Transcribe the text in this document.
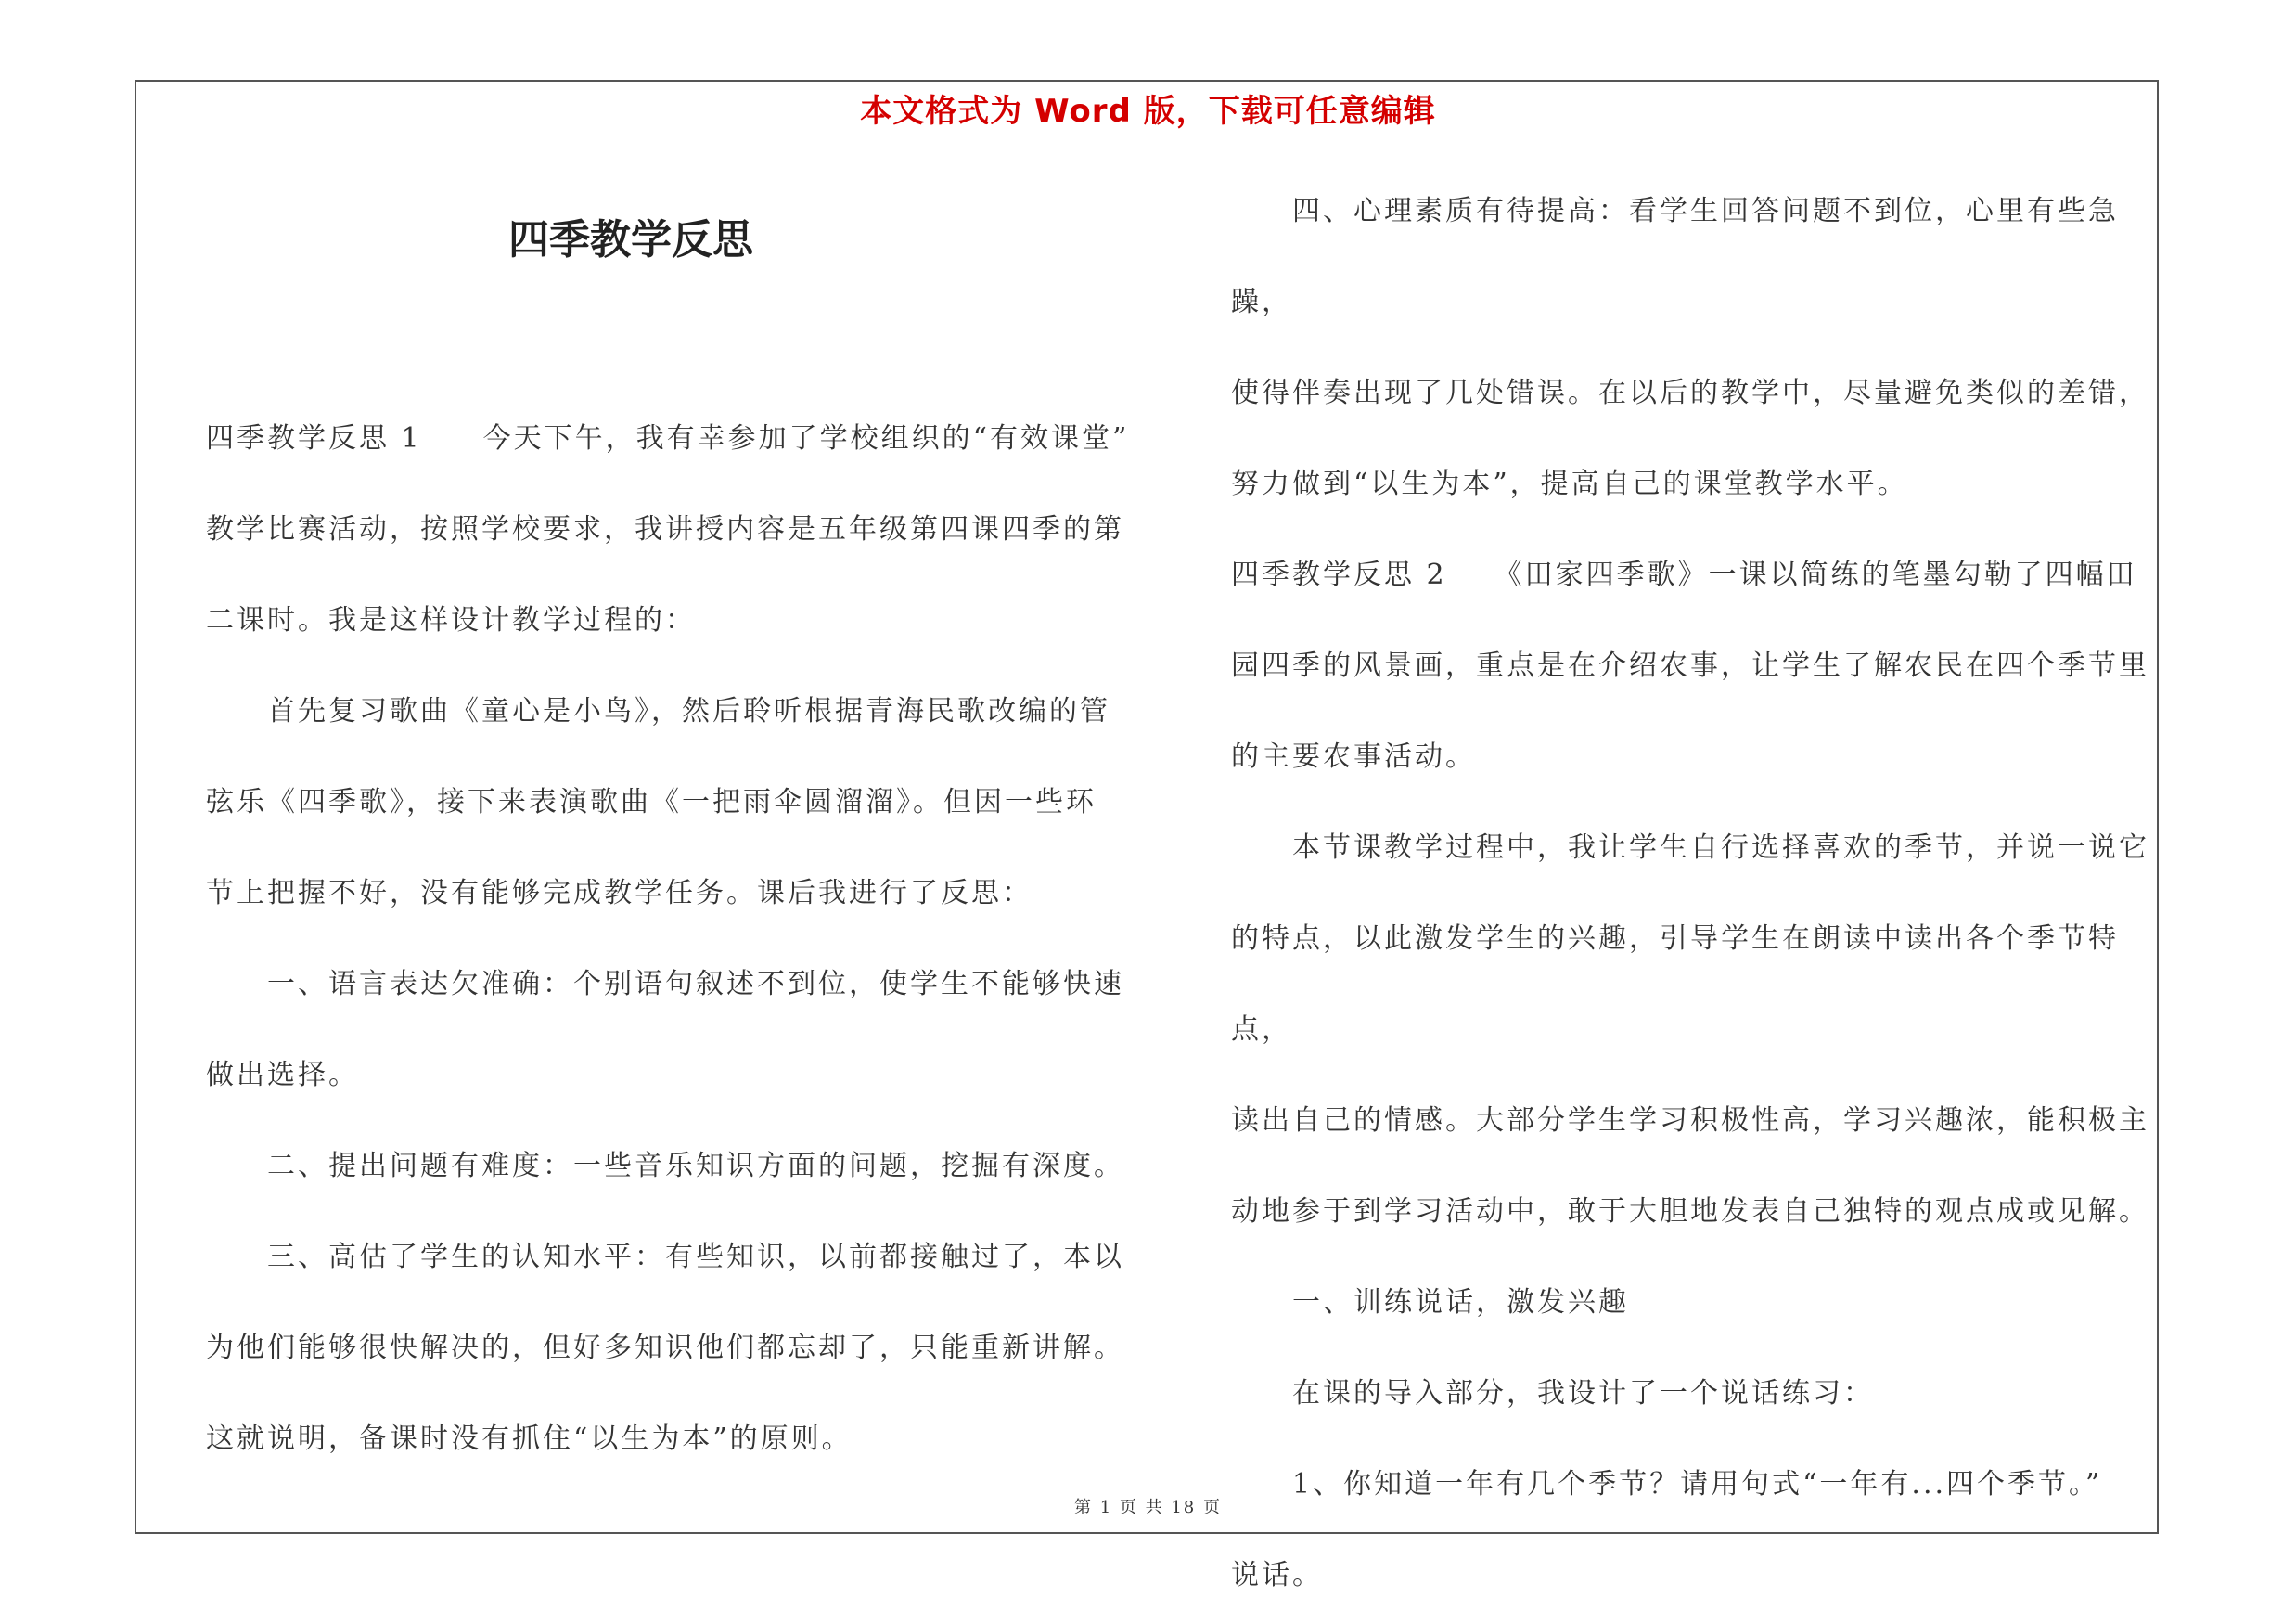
本文格式为 Word 版，下载可任意编辑
四季教学反思

四季教学反思 1　　今天下午，我有幸参加了学校组织的“有效课堂”

教学比赛活动，按照学校要求，我讲授内容是五年级第四课四季的第

二课时。我是这样设计教学过程的：

首先复习歌曲《童心是小鸟》，然后聆听根据青海民歌改编的管

弦乐《四季歌》，接下来表演歌曲《一把雨伞圆溜溜》。但因一些环

节上把握不好，没有能够完成教学任务。课后我进行了反思：

一、语言表达欠准确：个别语句叙述不到位，使学生不能够快速

做出选择。

二、提出问题有难度：一些音乐知识方面的问题，挖掘有深度。

三、高估了学生的认知水平：有些知识，以前都接触过了，本以

为他们能够很快解决的，但好多知识他们都忘却了，只能重新讲解。

这就说明，备课时没有抓住“以生为本”的原则。

四、心理素质有待提高：看学生回答问题不到位，心里有些急躁，

使得伴奏出现了几处错误。在以后的教学中，尽量避免类似的差错，

努力做到“以生为本”，提高自己的课堂教学水平。

四季教学反思 2　　《田家四季歌》一课以简练的笔墨勾勒了四幅田

园四季的风景画，重点是在介绍农事，让学生了解农民在四个季节里

的主要农事活动。

本节课教学过程中，我让学生自行选择喜欢的季节，并说一说它

的特点，以此激发学生的兴趣，引导学生在朗读中读出各个季节特点，

读出自己的情感。大部分学生学习积极性高，学习兴趣浓，能积极主

动地参于到学习活动中，敢于大胆地发表自己独特的观点成或见解。

一、训练说话，激发兴趣

在课的导入部分，我设计了一个说话练习：

1、你知道一年有几个季节？请用句式“一年有...四个季节。”

说话。

第 1 页 共 18 页
